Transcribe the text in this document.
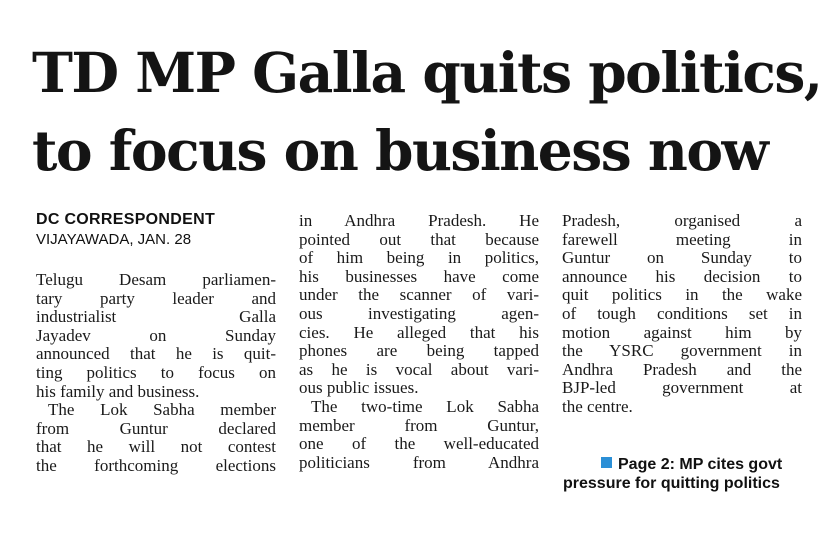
TD MP Galla quits politics,
to focus on business now
DC CORRESPONDENT
VIJAYAWADA, JAN. 28
Telugu Desam parliamen-
tary party leader and
industrialist Galla
Jayadev on Sunday
announced that he is quit-
ting politics to focus on
his family and business.
The Lok Sabha member
from Guntur declared
that he will not contest
the forthcoming elections
in Andhra Pradesh. He
pointed out that because
of him being in politics,
his businesses have come
under the scanner of vari-
ous investigating agen-
cies. He alleged that his
phones are being tapped
as he is vocal about vari-
ous public issues.
The two-time Lok Sabha
member from Guntur,
one of the well-educated
politicians from Andhra
Pradesh, organised a
farewell meeting in
Guntur on Sunday to
announce his decision to
quit politics in the wake
of tough conditions set in
motion against him by
the YSRC government in
Andhra Pradesh and the
BJP-led government at
the centre.
Page 2: MP cites govt
pressure for quitting politics
